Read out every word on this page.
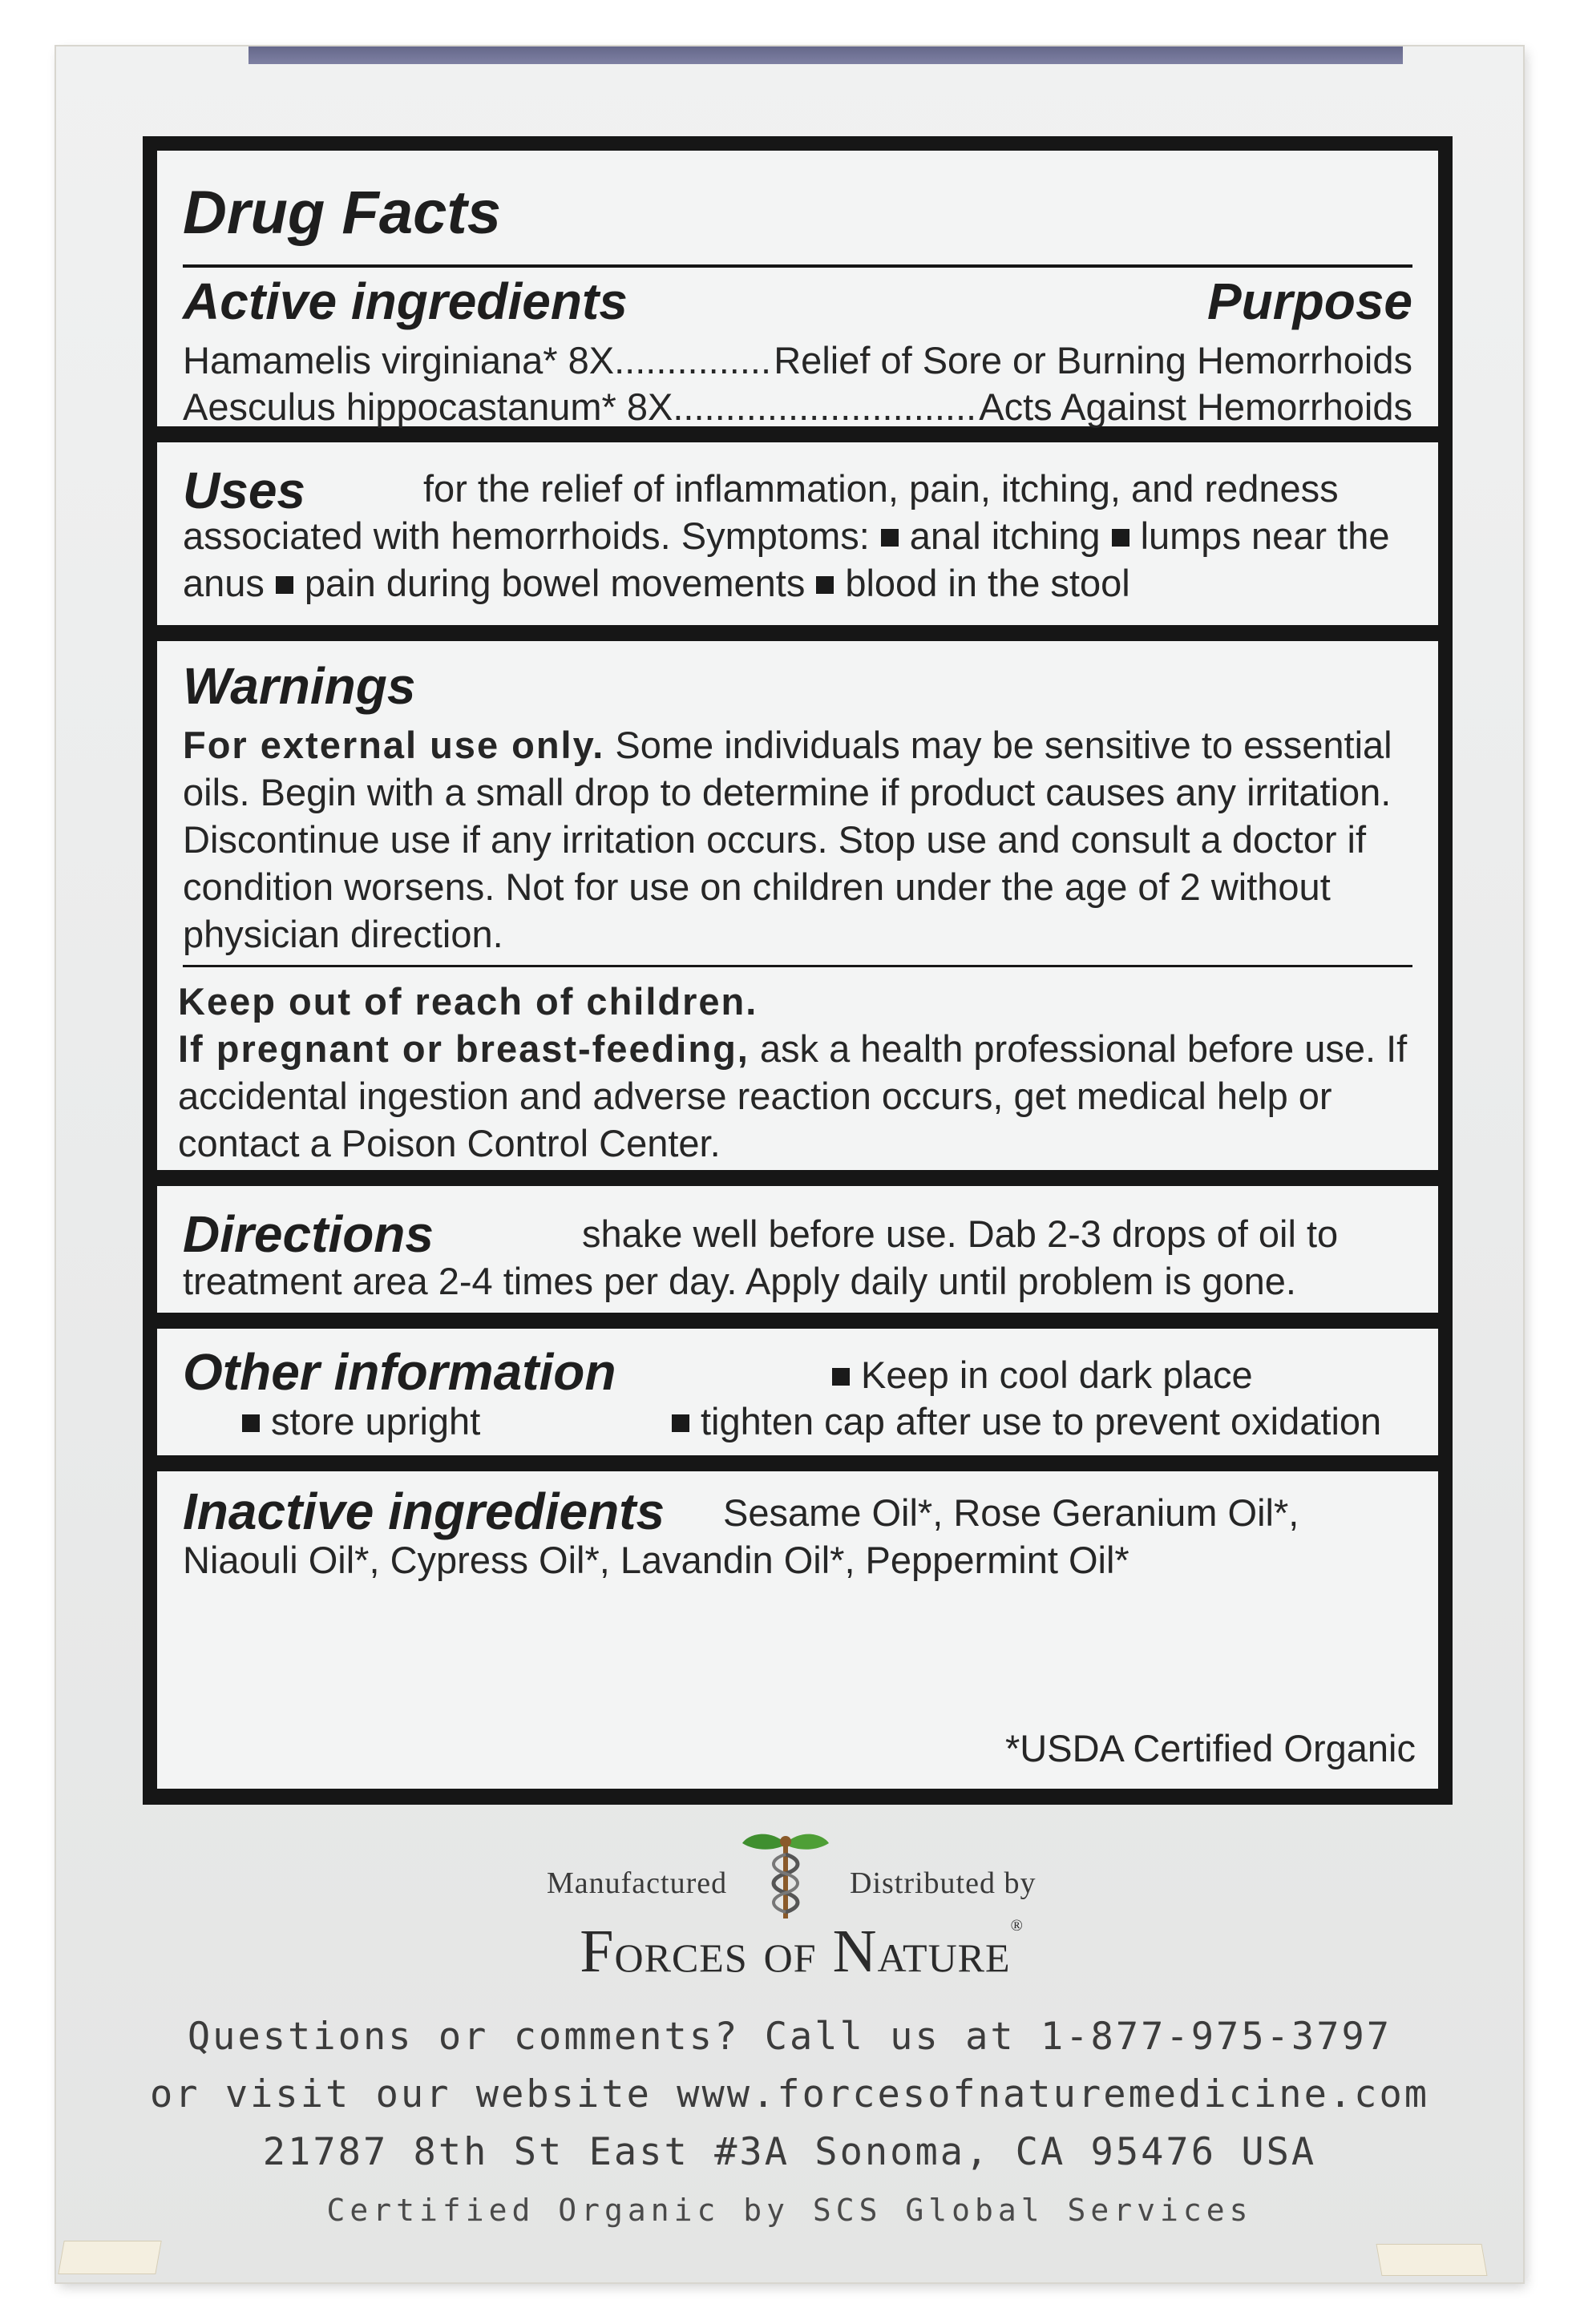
Drug Facts
Active ingredients	Purpose
Hamamelis virginiana* 8X .....	Relief of Sore or Burning Hemorrhoids
Aesculus hippocastanum* 8X .....	Acts Against Hemorrhoids
Uses	for the relief of inflammation, pain, itching, and redness associated with hemorrhoids. Symptoms: anal itching lumps near the anus pain during bowel movements blood in the stool
Warnings
For external use only. Some individuals may be sensitive to essential oils. Begin with a small drop to determine if product causes any irritation. Discontinue use if any irritation occurs. Stop use and consult a doctor if condition worsens. Not for use on children under the age of 2 without physician direction.
Keep out of reach of children.
If pregnant or breast-feeding, ask a health professional before use. If accidental ingestion and adverse reaction occurs, get medical help or contact a Poison Control Center.
Directions	shake well before use. Dab 2-3 drops of oil to treatment area 2-4 times per day. Apply daily until problem is gone.
Other information	Keep in cool dark place
store upright	tighten cap after use to prevent oxidation
Inactive ingredients	Sesame Oil*, Rose Geranium Oil*, Niaouli Oil*, Cypress Oil*, Lavandin Oil*, Peppermint Oil*
*USDA Certified Organic
Manufactured	Distributed by
FORCES OF NATURE®
Questions or comments? Call us at 1-877-975-3797
or visit our website www.forcesofnaturemedicine.com
21787 8th St East #3A Sonoma, CA 95476 USA
Certified Organic by SCS Global Services
